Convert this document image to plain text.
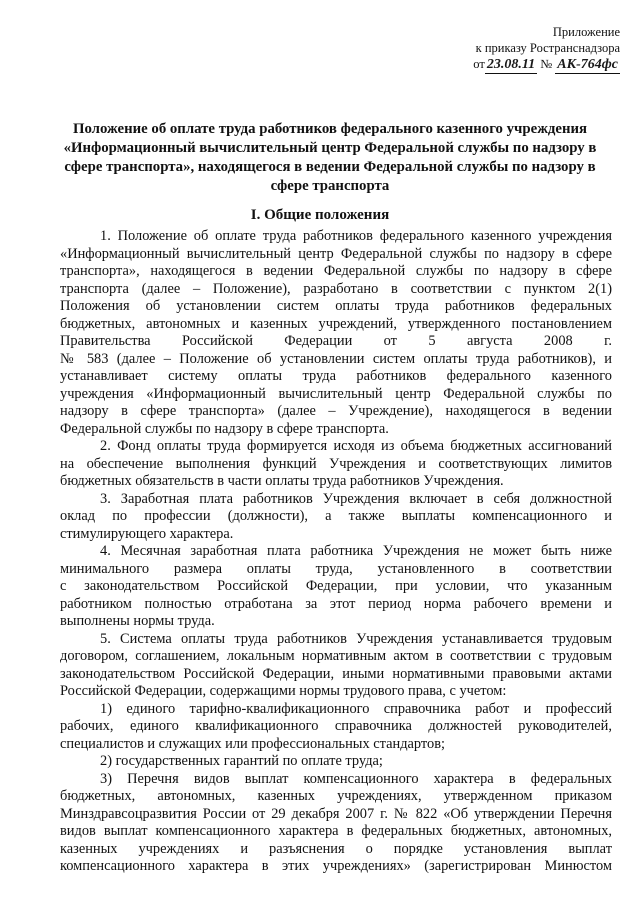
Приложение
к приказу Ространснадзора
от 23.08.11 № АК-764фс
Положение об оплате труда работников федерального казенного учреждения
«Информационный вычислительный центр Федеральной службы по надзору в
сфере транспорта», находящегося в ведении Федеральной службы по надзору в
сфере транспорта
I. Общие положения
1. Положение об оплате труда работников федерального казенного учреждения
«Информационный вычислительный центр Федеральной службы по надзору в сфере
транспорта», находящегося в ведении Федеральной службы по надзору в сфере
транспорта (далее – Положение), разработано в соответствии с пунктом 2(1)
Положения об установлении систем оплаты труда работников федеральных
бюджетных, автономных и казенных учреждений, утвержденного постановлением
Правительства Российской Федерации от 5 августа 2008 г.
№ 583 (далее – Положение об установлении систем оплаты труда работников), и
устанавливает систему оплаты труда работников федерального казенного
учреждения «Информационный вычислительный центр Федеральной службы по
надзору в сфере транспорта» (далее – Учреждение), находящегося в ведении
Федеральной службы по надзору в сфере транспорта.
2. Фонд оплаты труда формируется исходя из объема бюджетных ассигнований
на обеспечение выполнения функций Учреждения и соответствующих лимитов
бюджетных обязательств в части оплаты труда работников Учреждения.
3. Заработная плата работников Учреждения включает в себя должностной
оклад по профессии (должности), а также выплаты компенсационного и
стимулирующего характера.
4. Месячная заработная плата работника Учреждения не может быть ниже
минимального размера оплаты труда, установленного в соответствии
с законодательством Российской Федерации, при условии, что указанным
работником полностью отработана за этот период норма рабочего времени и
выполнены нормы труда.
5. Система оплаты труда работников Учреждения устанавливается трудовым
договором, соглашением, локальным нормативным актом в соответствии с трудовым
законодательством Российской Федерации, иными нормативными правовыми актами
Российской Федерации, содержащими нормы трудового права, с учетом:
1) единого тарифно-квалификационного справочника работ и профессий
рабочих, единого квалификационного справочника должностей руководителей,
специалистов и служащих или профессиональных стандартов;
2) государственных гарантий по оплате труда;
3) Перечня видов выплат компенсационного характера в федеральных
бюджетных, автономных, казенных учреждениях, утвержденном приказом
Минздравсоцразвития России от 29 декабря 2007 г. № 822 «Об утверждении Перечня
видов выплат компенсационного характера в федеральных бюджетных, автономных,
казенных учреждениях и разъяснения о порядке установления выплат
компенсационного характера в этих учреждениях» (зарегистрирован Минюстом
